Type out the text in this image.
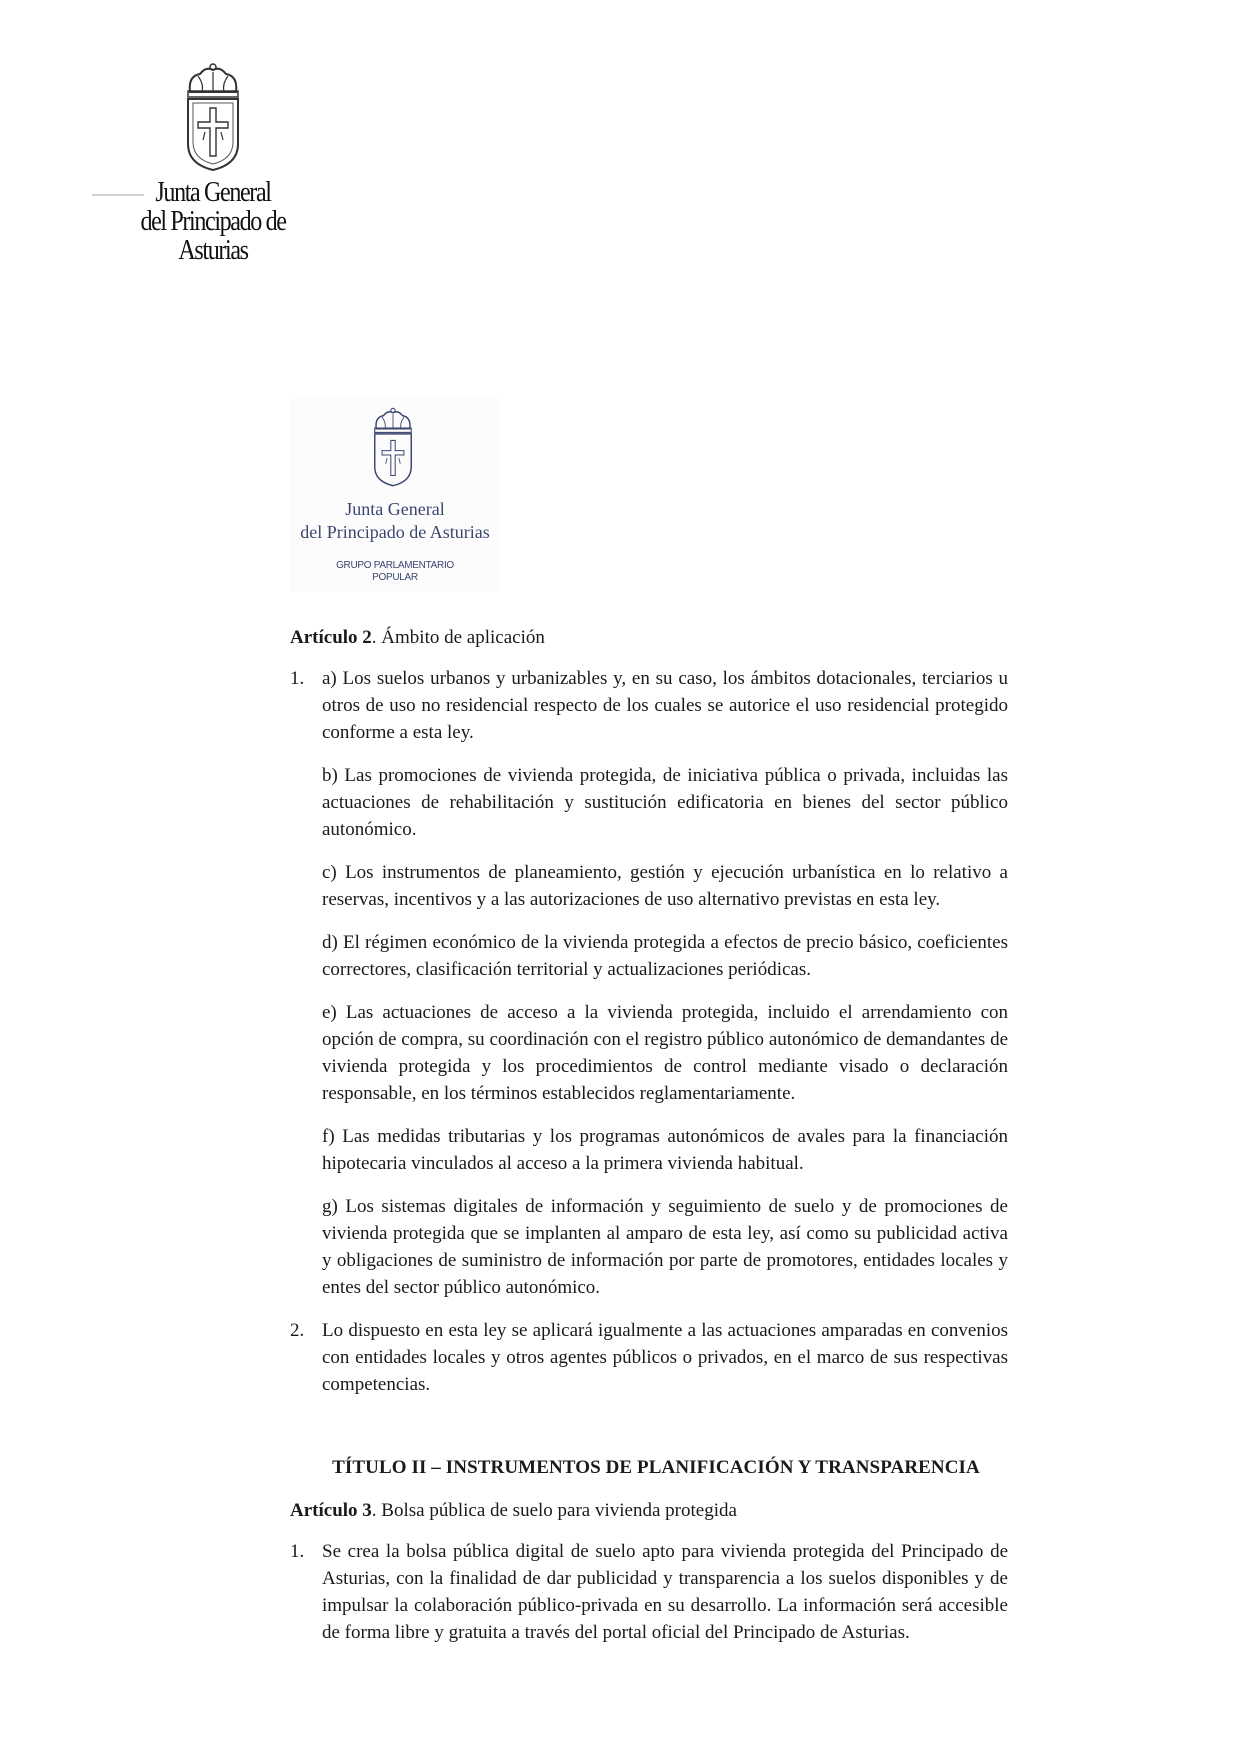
Junta General
del Principado de Asturias
Junta General
del Principado de Asturias
GRUPO PARLAMENTARIO
POPULAR

Artículo 2. Ámbito de aplicación

1. a) Los suelos urbanos y urbanizables y, en su caso, los ámbitos dotacionales, terciarios u otros de uso no residencial respecto de los cuales se autorice el uso residencial protegido conforme a esta ley.

b) Las promociones de vivienda protegida, de iniciativa pública o privada, incluidas las actuaciones de rehabilitación y sustitución edificatoria en bienes del sector público autonómico.

c) Los instrumentos de planeamiento, gestión y ejecución urbanística en lo relativo a reservas, incentivos y a las autorizaciones de uso alternativo previstas en esta ley.

d) El régimen económico de la vivienda protegida a efectos de precio básico, coeficientes correctores, clasificación territorial y actualizaciones periódicas.

e) Las actuaciones de acceso a la vivienda protegida, incluido el arrendamiento con opción de compra, su coordinación con el registro público autonómico de demandantes de vivienda protegida y los procedimientos de control mediante visado o declaración responsable, en los términos establecidos reglamentariamente.

f) Las medidas tributarias y los programas autonómicos de avales para la financiación hipotecaria vinculados al acceso a la primera vivienda habitual.

g) Los sistemas digitales de información y seguimiento de suelo y de promociones de vivienda protegida que se implanten al amparo de esta ley, así como su publicidad activa y obligaciones de suministro de información por parte de promotores, entidades locales y entes del sector público autonómico.

2. Lo dispuesto en esta ley se aplicará igualmente a las actuaciones amparadas en convenios con entidades locales y otros agentes públicos o privados, en el marco de sus respectivas competencias.

TÍTULO II – INSTRUMENTOS DE PLANIFICACIÓN Y TRANSPARENCIA

Artículo 3. Bolsa pública de suelo para vivienda protegida

1. Se crea la bolsa pública digital de suelo apto para vivienda protegida del Principado de Asturias, con la finalidad de dar publicidad y transparencia a los suelos disponibles y de impulsar la colaboración público-privada en su desarrollo. La información será accesible de forma libre y gratuita a través del portal oficial del Principado de Asturias.
